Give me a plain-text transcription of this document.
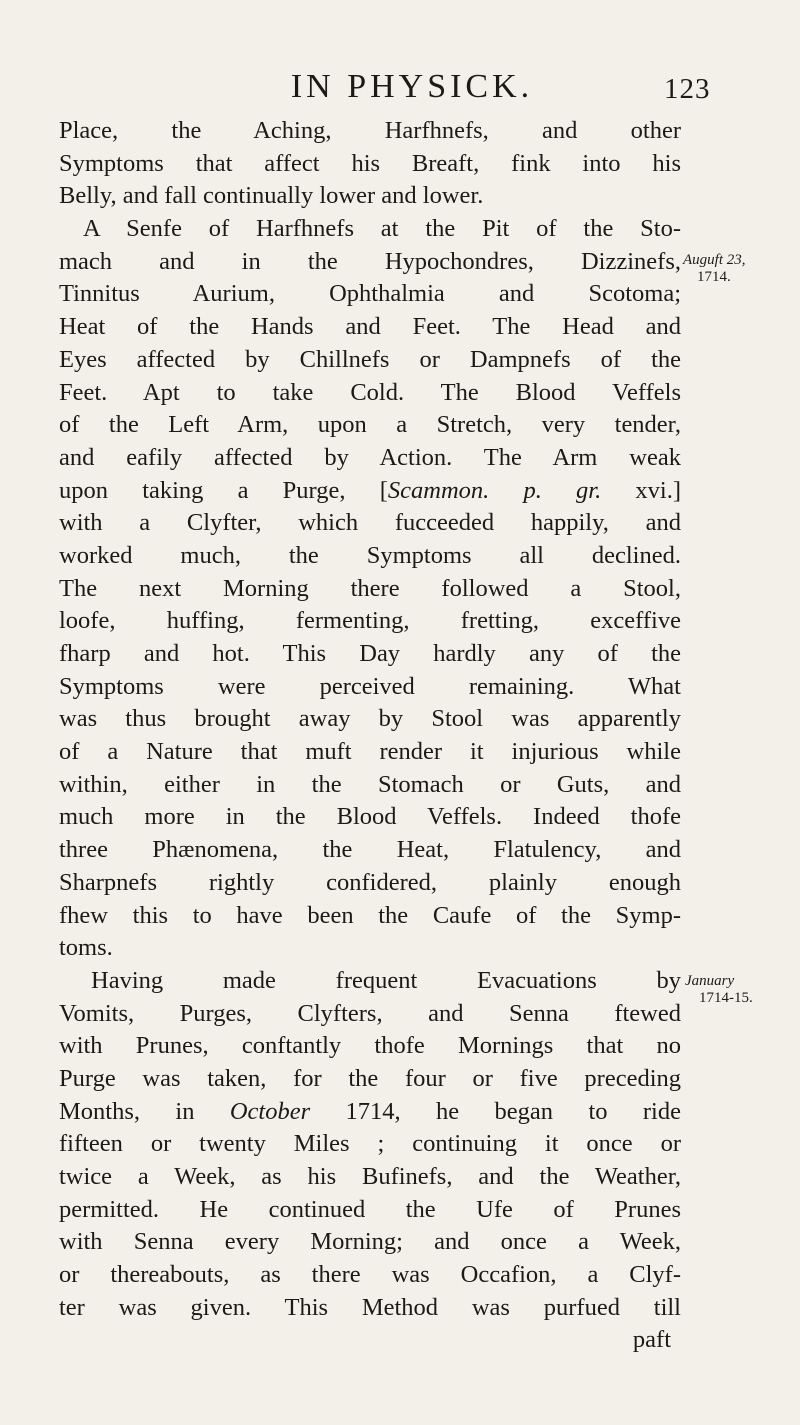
IN PHYSICK.	123
Place, the Aching, Harfhnefs, and other
Symptoms that affect his Breaft, fink into his
Belly, and fall continually lower and lower.
A Senfe of Harfhnefs at the Pit of the Sto-
mach and in the Hypochondres, Dizzinefs,
Tinnitus Aurium, Ophthalmia and Scotoma;
Heat of the Hands and Feet. The Head and
Eyes affected by Chillnefs or Dampnefs of the
Feet. Apt to take Cold. The Blood Veffels
of the Left Arm, upon a Stretch, very tender,
and eafily affected by Action. The Arm weak
upon taking a Purge, [Scammon. p. gr. xvi.]
with a Clyfter, which fucceeded happily, and
worked much, the Symptoms all declined.
The next Morning there followed a Stool,
loofe, huffing, fermenting, fretting, exceffive
fharp and hot. This Day hardly any of the
Symptoms were perceived remaining. What
was thus brought away by Stool was apparently
of a Nature that muft render it injurious while
within, either in the Stomach or Guts, and
much more in the Blood Veffels. Indeed thofe
three Phænomena, the Heat, Flatulency, and
Sharpnefs rightly confidered, plainly enough
fhew this to have been the Caufe of the Symp-
toms.
Having made frequent Evacuations by
Vomits, Purges, Clyfters, and Senna ftewed
with Prunes, conftantly thofe Mornings that no
Purge was taken, for the four or five preceding
Months, in October 1714, he began to ride
fifteen or twenty Miles ; continuing it once or
twice a Week, as his Bufinefs, and the Weather,
permitted. He continued the Ufe of Prunes
with Senna every Morning; and once a Week,
or thereabouts, as there was Occafion, a Clyf-
ter was given. This Method was purfued till
paft
Auguft 23,
1714.
January
1714-15.
